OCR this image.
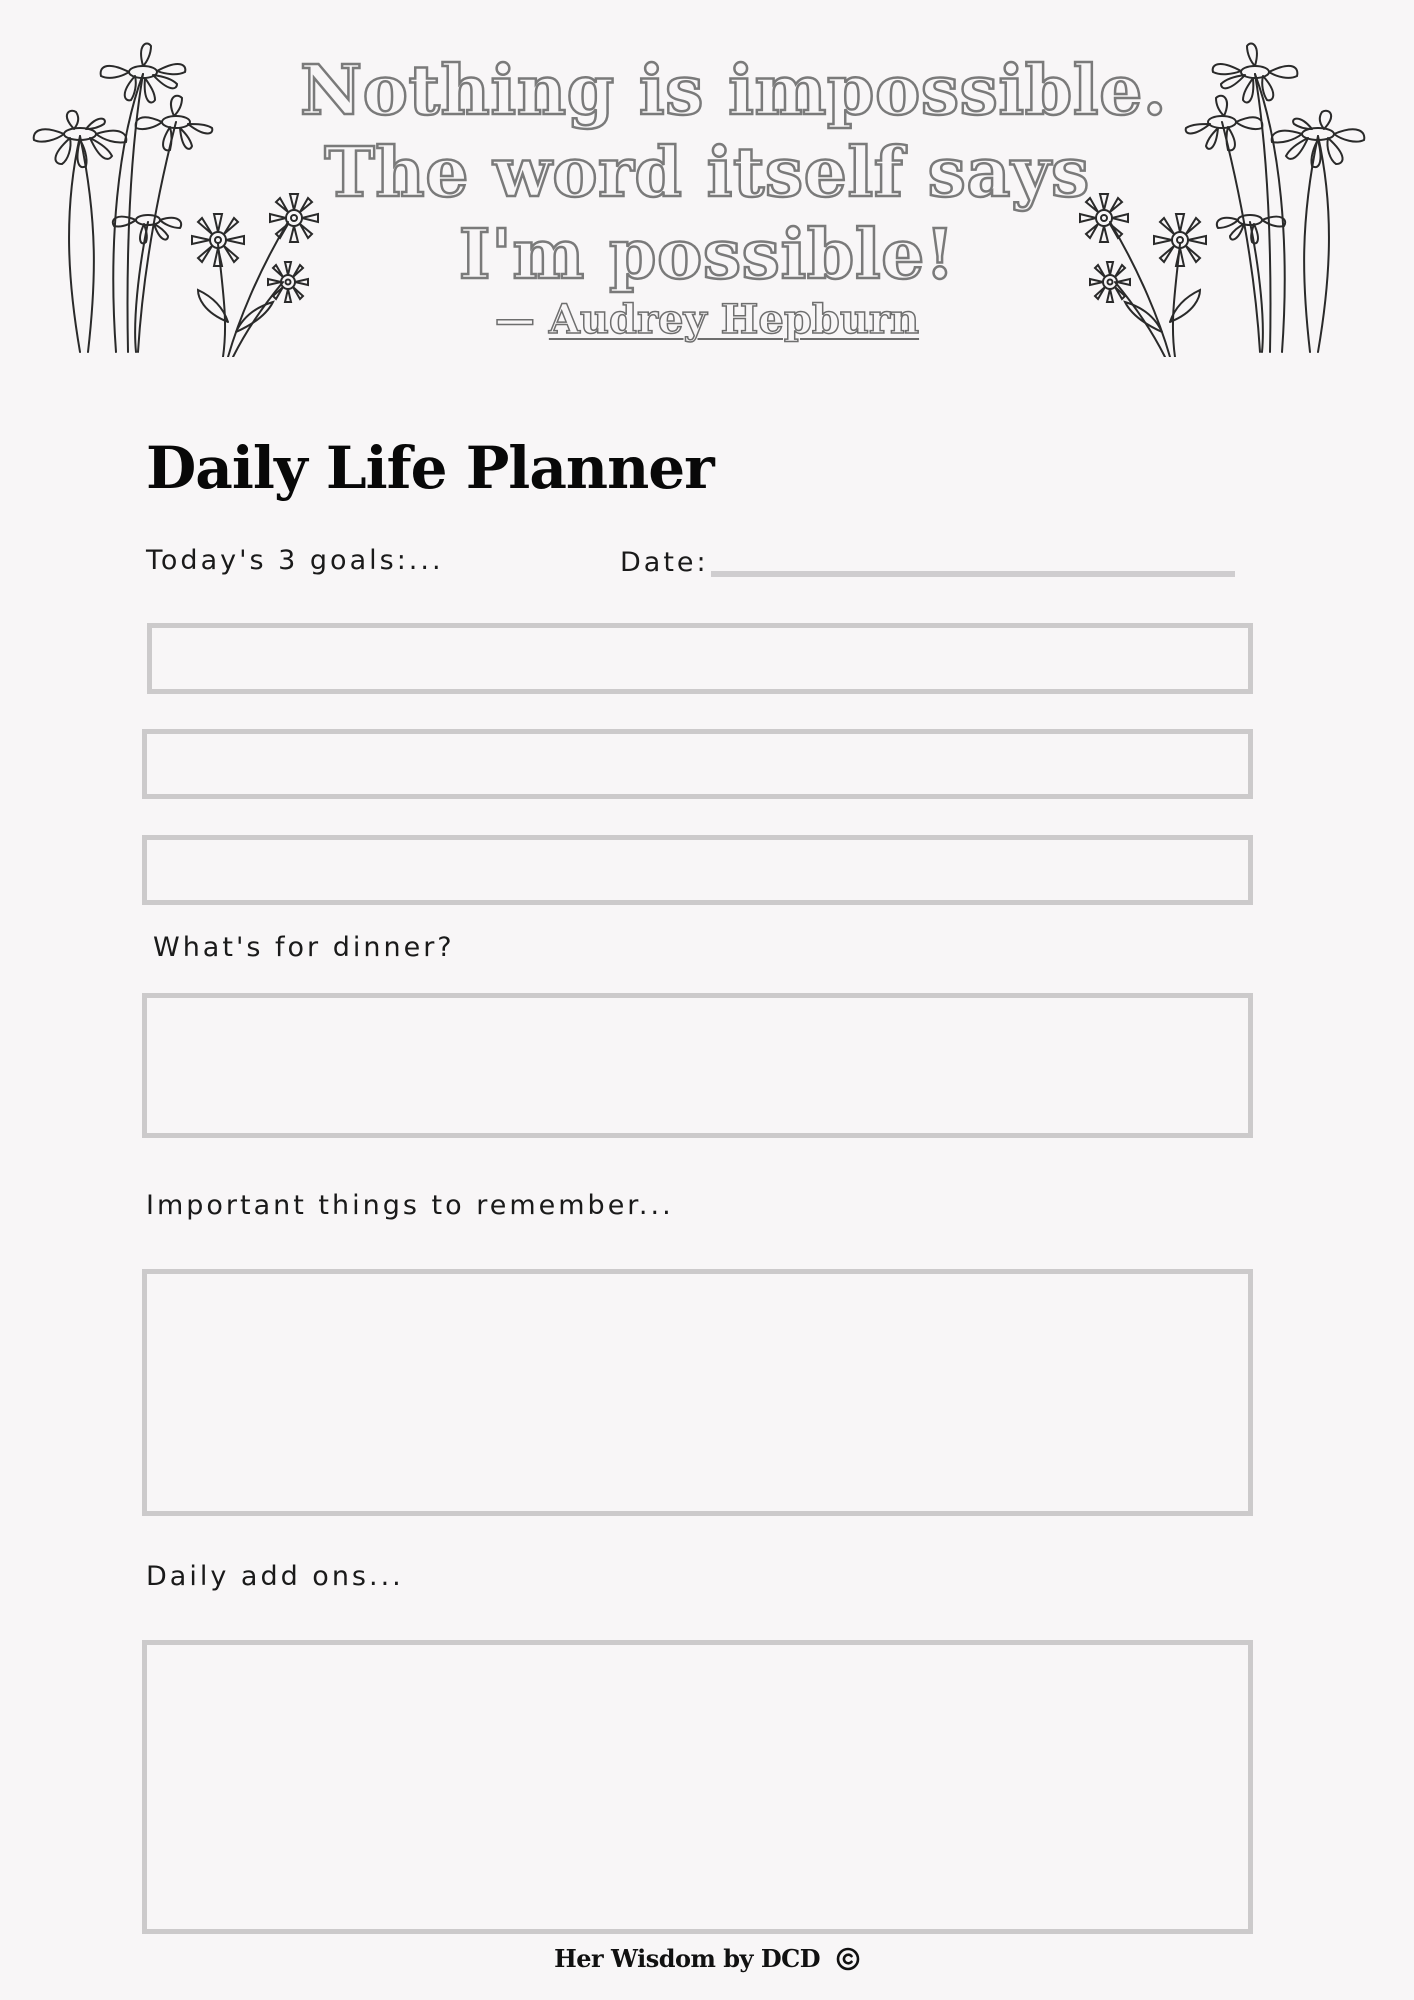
Nothing is impossible.
The word itself says
I'm possible!
— Audrey Hepburn
Daily Life Planner
Today's 3 goals:...	Date:
What's for dinner?
Important things to remember...
Daily add ons...
Her Wisdom by DCD
